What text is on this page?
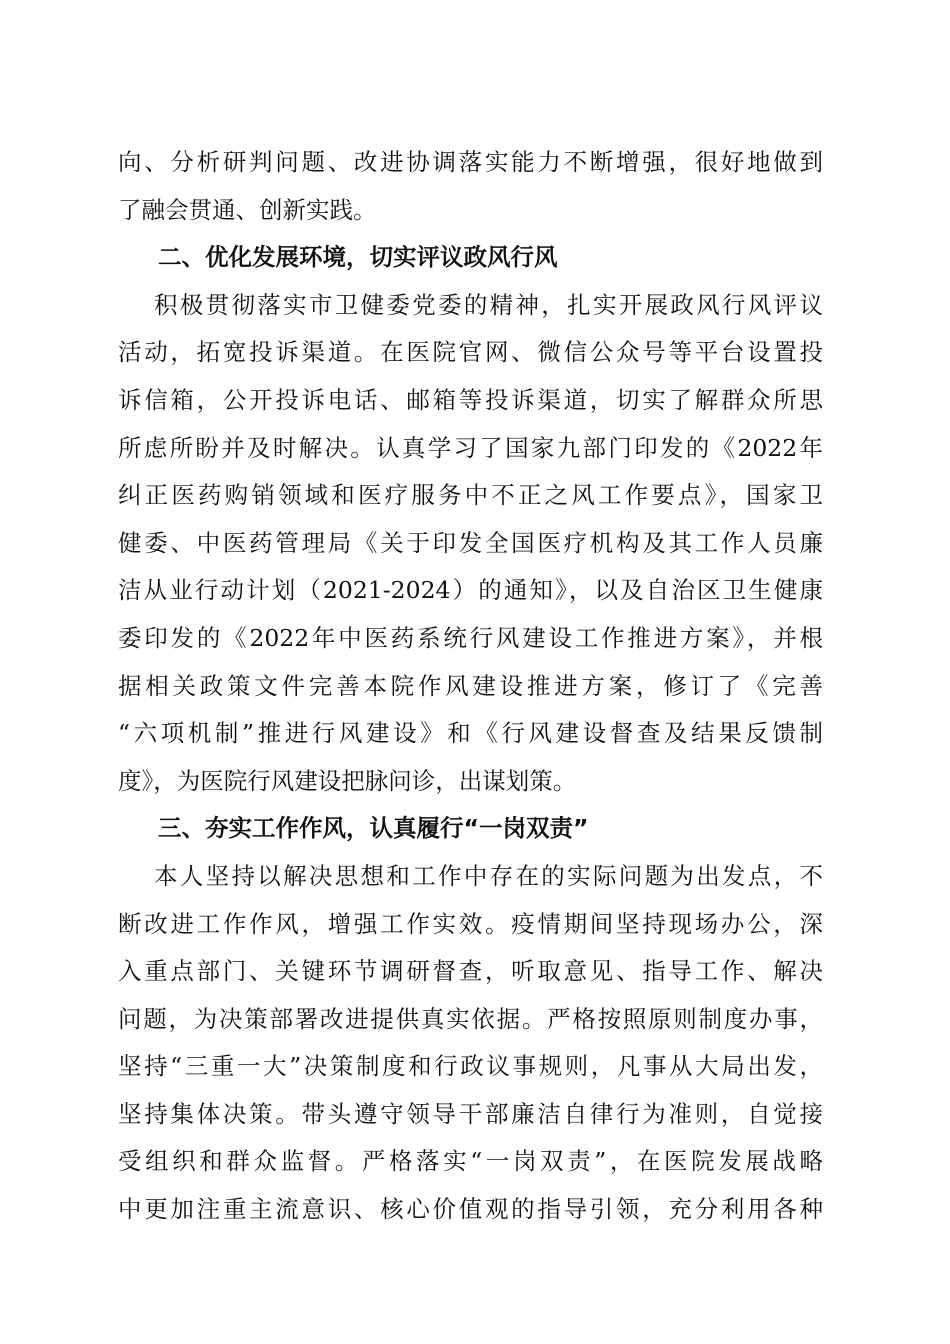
向、分析研判问题、改进协调落实能力不断增强，很好地做到
了融会贯通、创新实践。
二、优化发展环境，切实评议政风行风
积极贯彻落实市卫健委党委的精神，扎实开展政风行风评议
活动，拓宽投诉渠道。在医院官网、微信公众号等平台设置投
诉信箱，公开投诉电话、邮箱等投诉渠道，切实了解群众所思
所虑所盼并及时解决。认真学习了国家九部门印发的《2022年
纠正医药购销领域和医疗服务中不正之风工作要点》，国家卫
健委、中医药管理局《关于印发全国医疗机构及其工作人员廉
洁从业行动计划（2021-2024）的通知》，以及自治区卫生健康
委印发的《2022年中医药系统行风建设工作推进方案》，并根
据相关政策文件完善本院作风建设推进方案，修订了《完善
“六项机制”推进行风建设》和《行风建设督查及结果反馈制
度》，为医院行风建设把脉问诊，出谋划策。
三、夯实工作作风，认真履行“一岗双责”
本人坚持以解决思想和工作中存在的实际问题为出发点，不
断改进工作作风，增强工作实效。疫情期间坚持现场办公，深
入重点部门、关键环节调研督查，听取意见、指导工作、解决
问题，为决策部署改进提供真实依据。严格按照原则制度办事，
坚持“三重一大”决策制度和行政议事规则，凡事从大局出发，
坚持集体决策。带头遵守领导干部廉洁自律行为准则，自觉接
受组织和群众监督。严格落实“一岗双责”，在医院发展战略
中更加注重主流意识、核心价值观的指导引领，充分利用各种
